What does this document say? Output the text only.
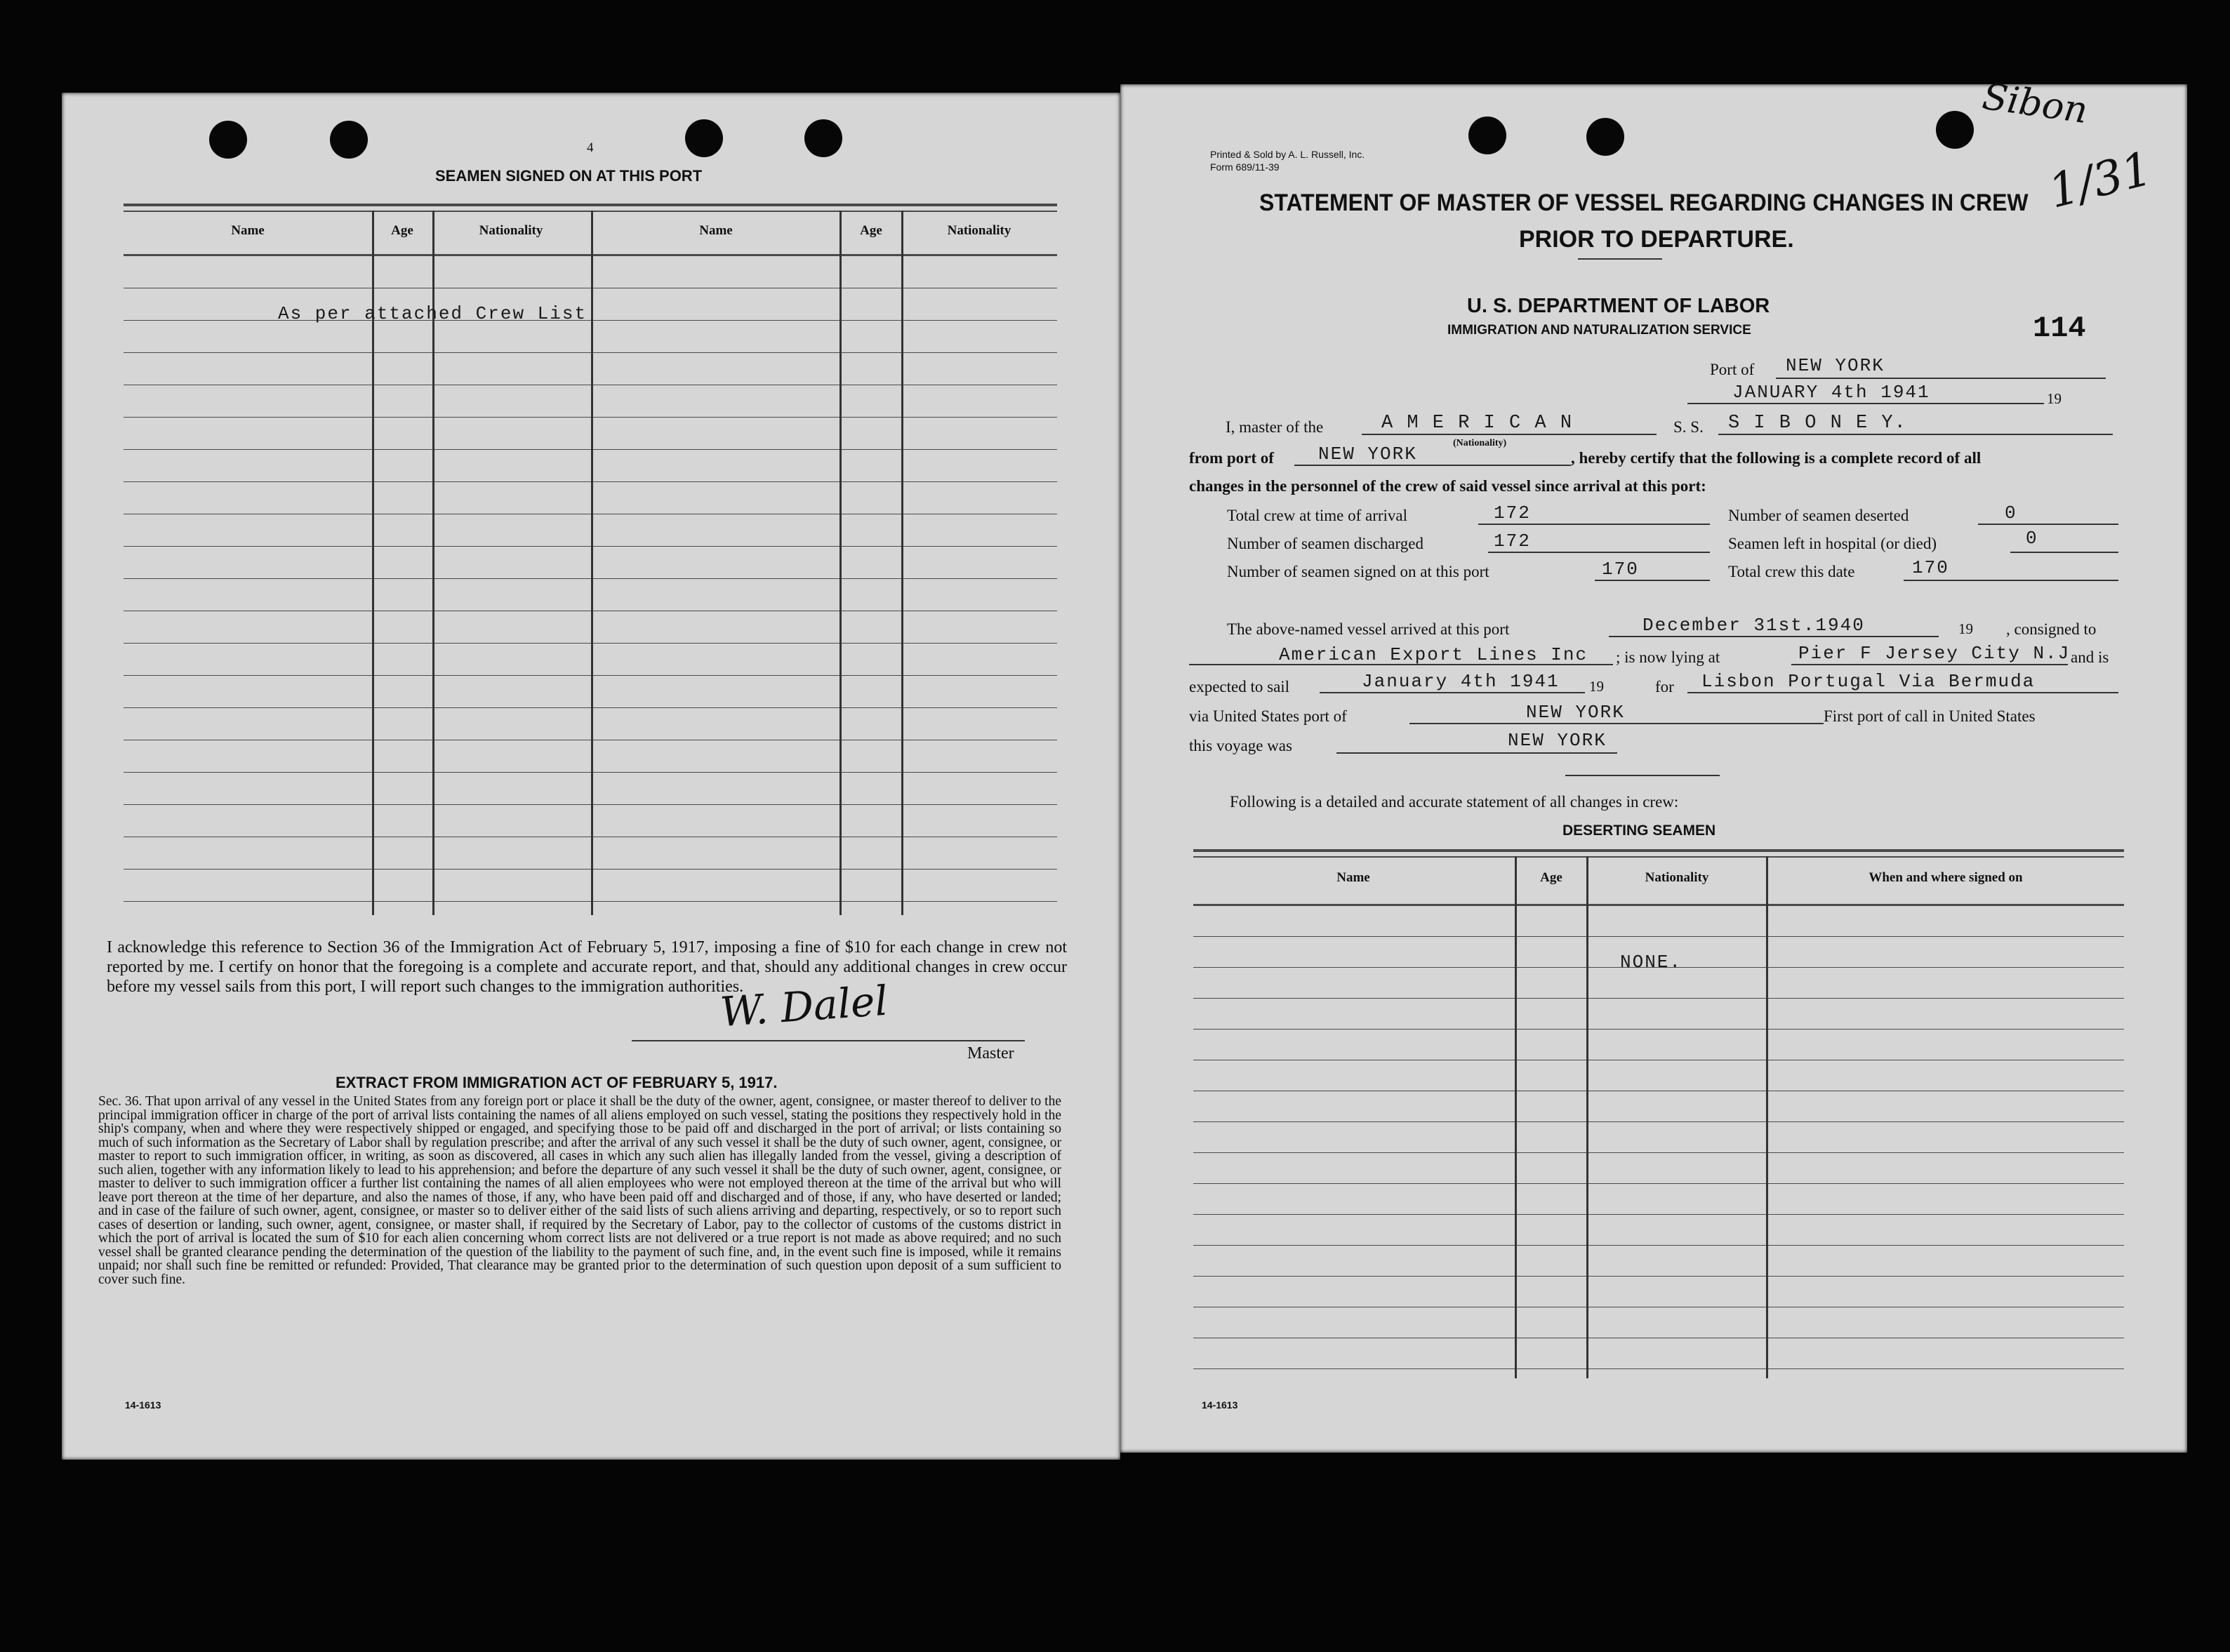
4
SEAMEN SIGNED ON AT THIS PORT
Name	Age	Nationality	Name	Age	Nationality
As per attached Crew List
I acknowledge this reference to Section 36 of the Immigration Act of February 5, 1917, imposing a fine of $10 for each change in crew not reported by me. I certify on honor that the foregoing is a complete and accurate report, and that, should any additional changes in crew occur before my vessel sails from this port, I will report such changes to the immigration authorities.
W. Dalel
Master
EXTRACT FROM IMMIGRATION ACT OF FEBRUARY 5, 1917.
Sec. 36. That upon arrival of any vessel in the United States from any foreign port or place it shall be the duty of the owner, agent, consignee, or master thereof to deliver to the principal immigration officer in charge of the port of arrival lists containing the names of all aliens employed on such vessel, stating the positions they respectively hold in the ship's company, when and where they were respectively shipped or engaged, and specifying those to be paid off and discharged in the port of arrival; or lists containing so much of such information as the Secretary of Labor shall by regulation prescribe; and after the arrival of any such vessel it shall be the duty of such owner, agent, consignee, or master to report to such immigration officer, in writing, as soon as discovered, all cases in which any such alien has illegally landed from the vessel, giving a description of such alien, together with any information likely to lead to his apprehension; and before the departure of any such vessel it shall be the duty of such owner, agent, consignee, or master to deliver to such immigration officer a further list containing the names of all alien employees who were not employed thereon at the time of the arrival but who will leave port thereon at the time of her departure, and also the names of those, if any, who have been paid off and discharged and of those, if any, who have deserted or landed; and in case of the failure of such owner, agent, consignee, or master so to deliver either of the said lists of such aliens arriving and departing, respectively, or so to report such cases of desertion or landing, such owner, agent, consignee, or master shall, if required by the Secretary of Labor, pay to the collector of customs of the customs district in which the port of arrival is located the sum of $10 for each alien concerning whom correct lists are not delivered or a true report is not made as above required; and no such vessel shall be granted clearance pending the determination of the question of the liability to the payment of such fine, and, in the event such fine is imposed, while it remains unpaid; nor shall such fine be remitted or refunded: Provided, That clearance may be granted prior to the determination of such question upon deposit of a sum sufficient to cover such fine.
14-1613
Printed & Sold by A. L. Russell, Inc.
Form 689/11-39
Sibon
1/31
STATEMENT OF MASTER OF VESSEL REGARDING CHANGES IN CREW
PRIOR TO DEPARTURE.
U. S. DEPARTMENT OF LABOR
IMMIGRATION AND NATURALIZATION SERVICE	114
Port of NEW YORK
JANUARY 4th 1941	19
I, master of the	A M E R I C A N
(Nationality)
S. S. S I B O N E Y.
from port of NEW YORK	, hereby certify that the following is a complete record of all
changes in the personnel of the crew of said vessel since arrival at this port:
Total crew at time of arrival	172	Number of seamen deserted	0
Number of seamen discharged	172	Seamen left in hospital (or died)	0
Number of seamen signed on at this port	170	Total crew this date	170
The above-named vessel arrived at this port	December 31st.1940	19 , consigned to
American Export Lines Inc ; is now lying at	Pier F Jersey City N.J and is
expected to sail	January 4th 1941 19	for Lisbon Portugal Via Bermuda
via United States port of	NEW YORK	First port of call in United States
this voyage was	NEW YORK
Following is a detailed and accurate statement of all changes in crew:
DESERTING SEAMEN
Name	Age	Nationality	When and where signed on
NONE.
14-1613
